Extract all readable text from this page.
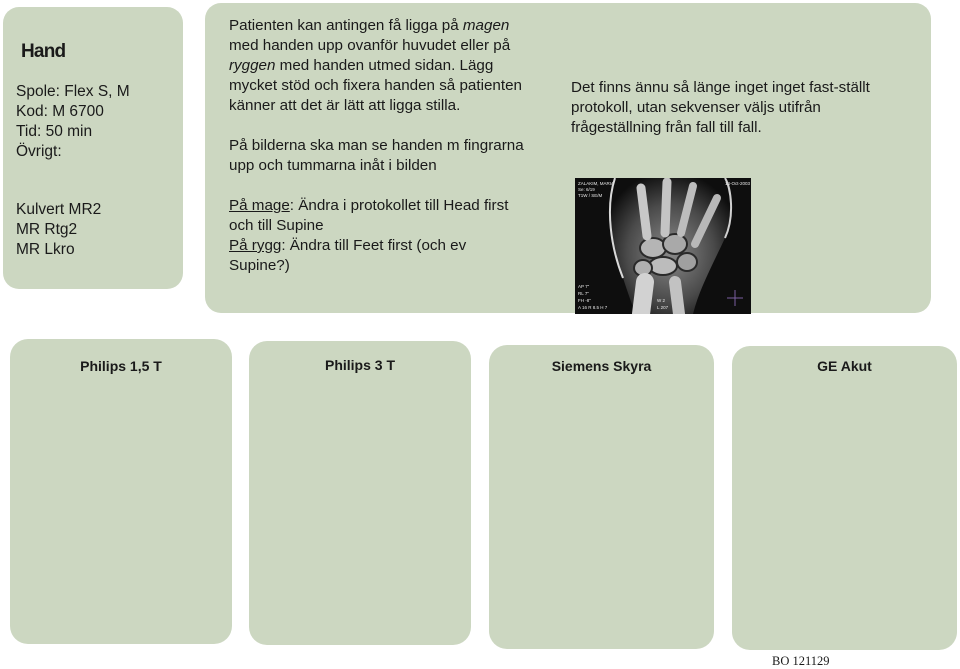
Hand
Spole: Flex S, M
Kod: M 6700
Tid: 50 min
Övrigt:
Kulvert MR2
MR Rtg2
MR Lkro

Patienten kan antingen få ligga på magen med handen upp ovanför huvudet eller på ryggen med handen utmed sidan. Lägg mycket stöd och fixera handen så patienten känner att det är lätt att ligga stilla.

På bilderna ska man se handen m fingrarna upp och tummarna inåt i bilden

På mage: Ändra i protokollet till Head first och till Supine

På rygg: Ändra till Feet first (och ev Supine?)

Det finns ännu så länge inget inget fast-ställt protokoll, utan sekvenser väljs utifrån frågeställning från fall till fall.
ZALAKIM, MARIA
Se: 6/19
T1W / SE/M
14-Oct-2003
AP 7"
RL 7"
FH -8"
A 16 R 8.5 H 7
W 2
L 207
Philips 1,5 T	Philips 3 T	Siemens Skyra	GE Akut
BO 121129
